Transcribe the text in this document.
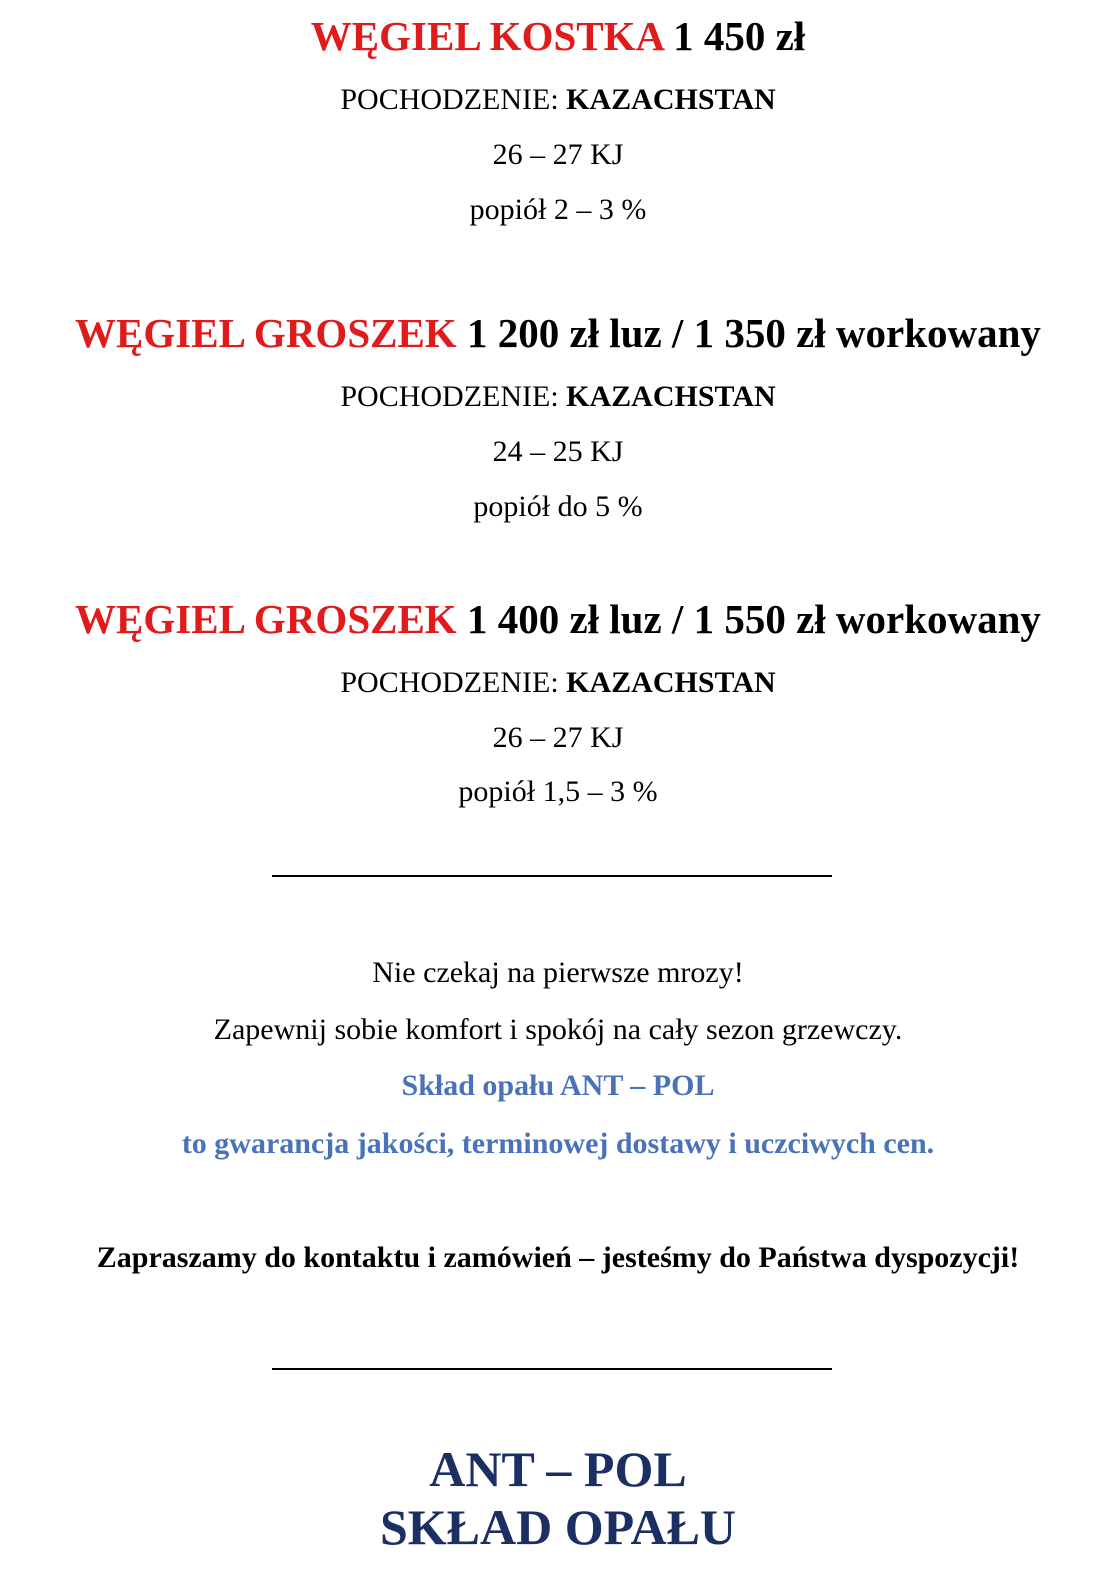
WĘGIEL KOSTKA 1 450 zł
POCHODZENIE: KAZACHSTAN
26 – 27 KJ
popiół 2 – 3 %
WĘGIEL GROSZEK 1 200 zł luz / 1 350 zł workowany
POCHODZENIE: KAZACHSTAN
24 – 25 KJ
popiół do 5 %
WĘGIEL GROSZEK 1 400 zł luz / 1 550 zł workowany
POCHODZENIE: KAZACHSTAN
26 – 27 KJ
popiół 1,5 – 3 %
Nie czekaj na pierwsze mrozy!
Zapewnij sobie komfort i spokój na cały sezon grzewczy.
Skład opału ANT – POL
to gwarancja jakości, terminowej dostawy i uczciwych cen.
Zapraszamy do kontaktu i zamówień – jesteśmy do Państwa dyspozycji!
ANT – POL
SKŁAD OPAŁU
